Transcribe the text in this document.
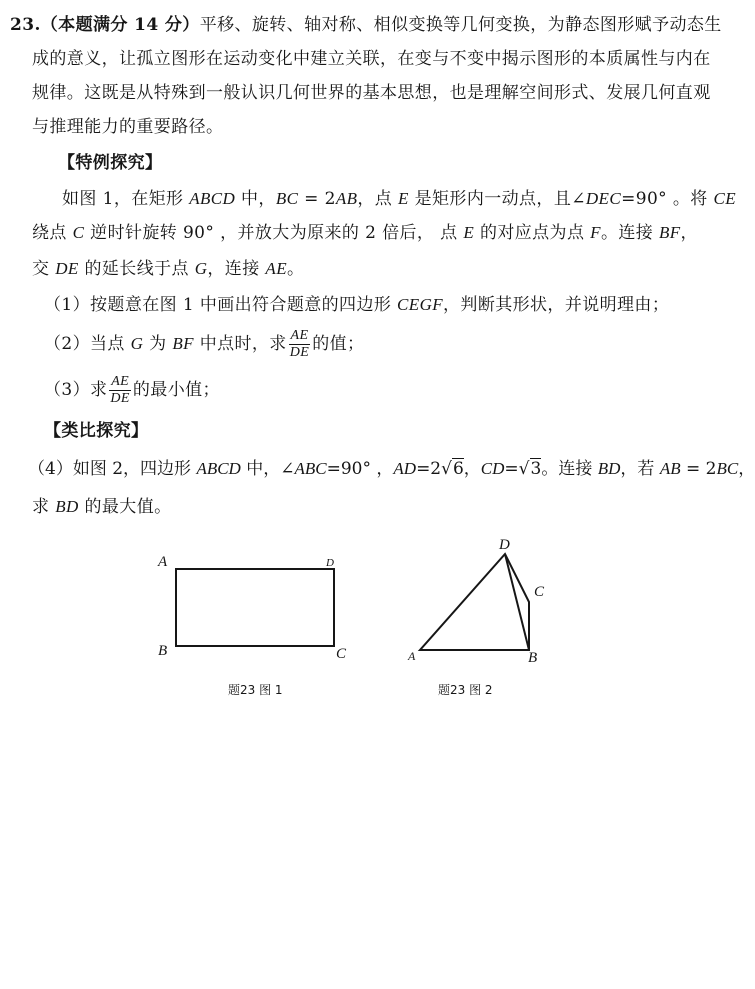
23.（本题满分 14 分）平移、旋转、轴对称、相似变换等几何变换，为静态图形赋予动态生
成的意义，让孤立图形在运动变化中建立关联，在变与不变中揭示图形的本质属性与内在
规律。这既是从特殊到一般认识几何世界的基本思想，也是理解空间形式、发展几何直观
与推理能力的重要路径。
【特例探究】
如图 1，在矩形 ABCD 中，BC = 2AB，点 E 是矩形内一动点，且∠DEC=90° 。将 CE
绕点 C 逆时针旋转 90° ，并放大为原来的 2 倍后， 点 E 的对应点为点 F。连接 BF，
交 DE 的延长线于点 G，连接 AE。
（1）按题意在图 1 中画出符合题意的四边形 CEGF，判断其形状，并说明理由；
（2）当点 G 为 BF 中点时，求 $\frac{AE}{DE}$ 的值；
（3）求 $\frac{AE}{DE}$ 的最小值；
【类比探究】
（4）如图 2，四边形 ABCD 中，∠ABC=90° ，AD=2√6，CD=√3。连接 BD，若 AB = 2BC，
求 BD 的最大值。
A	D
B	C
题23 图 1
D
C
A	B
题23 图 2
